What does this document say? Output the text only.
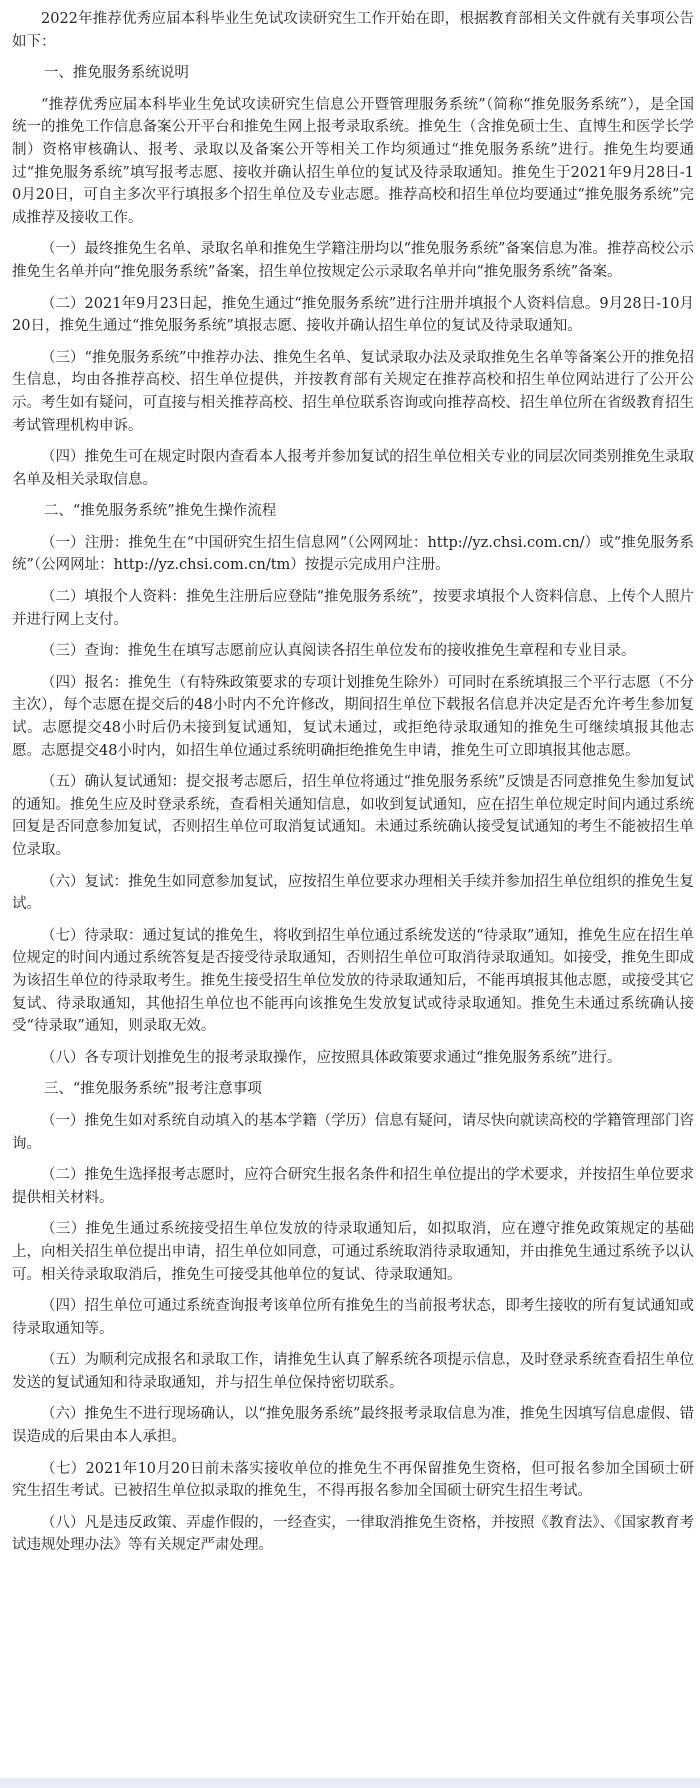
2022年推荐优秀应届本科毕业生免试攻读研究生工作开始在即，根据教育部相关文件就有关事项公告如下：

一、推免服务系统说明

“推荐优秀应届本科毕业生免试攻读研究生信息公开暨管理服务系统”（简称“推免服务系统”），是全国统一的推免工作信息备案公开平台和推免生网上报考录取系统。推免生（含推免硕士生、直博生和医学长学制）资格审核确认、报考、录取以及备案公开等相关工作均须通过“推免服务系统”进行。推免生均要通过“推免服务系统”填写报考志愿、接收并确认招生单位的复试及待录取通知。推免生于2021年9月28日-10月20日，可自主多次平行填报多个招生单位及专业志愿。推荐高校和招生单位均要通过“推免服务系统”完成推荐及接收工作。

（一）最终推免生名单、录取名单和推免生学籍注册均以“推免服务系统”备案信息为准。推荐高校公示推免生名单并向“推免服务系统”备案，招生单位按规定公示录取名单并向“推免服务系统”备案。

（二）2021年9月23日起，推免生通过“推免服务系统”进行注册并填报个人资料信息。9月28日-10月20日，推免生通过“推免服务系统”填报志愿、接收并确认招生单位的复试及待录取通知。

（三）“推免服务系统”中推荐办法、推免生名单、复试录取办法及录取推免生名单等备案公开的推免招生信息，均由各推荐高校、招生单位提供，并按教育部有关规定在推荐高校和招生单位网站进行了公开公示。考生如有疑问，可直接与相关推荐高校、招生单位联系咨询或向推荐高校、招生单位所在省级教育招生考试管理机构申诉。

（四）推免生可在规定时限内查看本人报考并参加复试的招生单位相关专业的同层次同类别推免生录取名单及相关录取信息。

二、“推免服务系统”推免生操作流程

（一）注册：推免生在“中国研究生招生信息网”（公网网址：http://yz.chsi.com.cn/）或“推免服务系统”（公网网址：http://yz.chsi.com.cn/tm）按提示完成用户注册。

（二）填报个人资料：推免生注册后应登陆“推免服务系统”，按要求填报个人资料信息、上传个人照片并进行网上支付。

（三）查询：推免生在填写志愿前应认真阅读各招生单位发布的接收推免生章程和专业目录。

（四）报名：推免生（有特殊政策要求的专项计划推免生除外）可同时在系统填报三个平行志愿（不分主次），每个志愿在提交后的48小时内不允许修改，期间招生单位下载报名信息并决定是否允许考生参加复试。志愿提交48小时后仍未接到复试通知，复试未通过，或拒绝待录取通知的推免生可继续填报其他志愿。志愿提交48小时内，如招生单位通过系统明确拒绝推免生申请，推免生可立即填报其他志愿。

（五）确认复试通知：提交报考志愿后，招生单位将通过“推免服务系统”反馈是否同意推免生参加复试的通知。推免生应及时登录系统，查看相关通知信息，如收到复试通知，应在招生单位规定时间内通过系统回复是否同意参加复试，否则招生单位可取消复试通知。未通过系统确认接受复试通知的考生不能被招生单位录取。

（六）复试：推免生如同意参加复试，应按招生单位要求办理相关手续并参加招生单位组织的推免生复试。

（七）待录取：通过复试的推免生，将收到招生单位通过系统发送的“待录取”通知，推免生应在招生单位规定的时间内通过系统答复是否接受待录取通知，否则招生单位可取消待录取通知。如接受，推免生即成为该招生单位的待录取考生。推免生接受招生单位发放的待录取通知后，不能再填报其他志愿，或接受其它复试、待录取通知，其他招生单位也不能再向该推免生发放复试或待录取通知。推免生未通过系统确认接受“待录取”通知，则录取无效。

（八）各专项计划推免生的报考录取操作，应按照具体政策要求通过“推免服务系统”进行。

三、“推免服务系统”报考注意事项

（一）推免生如对系统自动填入的基本学籍（学历）信息有疑问，请尽快向就读高校的学籍管理部门咨询。

（二）推免生选择报考志愿时，应符合研究生报名条件和招生单位提出的学术要求，并按招生单位要求提供相关材料。

（三）推免生通过系统接受招生单位发放的待录取通知后，如拟取消，应在遵守推免政策规定的基础上，向相关招生单位提出申请，招生单位如同意，可通过系统取消待录取通知，并由推免生通过系统予以认可。相关待录取取消后，推免生可接受其他单位的复试、待录取通知。

（四）招生单位可通过系统查询报考该单位所有推免生的当前报考状态，即考生接收的所有复试通知或待录取通知等。

（五）为顺利完成报名和录取工作，请推免生认真了解系统各项提示信息，及时登录系统查看招生单位发送的复试通知和待录取通知，并与招生单位保持密切联系。

（六）推免生不进行现场确认，以“推免服务系统”最终报考录取信息为准，推免生因填写信息虚假、错误造成的后果由本人承担。

（七）2021年10月20日前未落实接收单位的推免生不再保留推免生资格，但可报名参加全国硕士研究生招生考试。已被招生单位拟录取的推免生，不得再报名参加全国硕士研究生招生考试。

（八）凡是违反政策、弄虚作假的，一经查实，一律取消推免生资格，并按照《教育法》、《国家教育考试违规处理办法》等有关规定严肃处理。
